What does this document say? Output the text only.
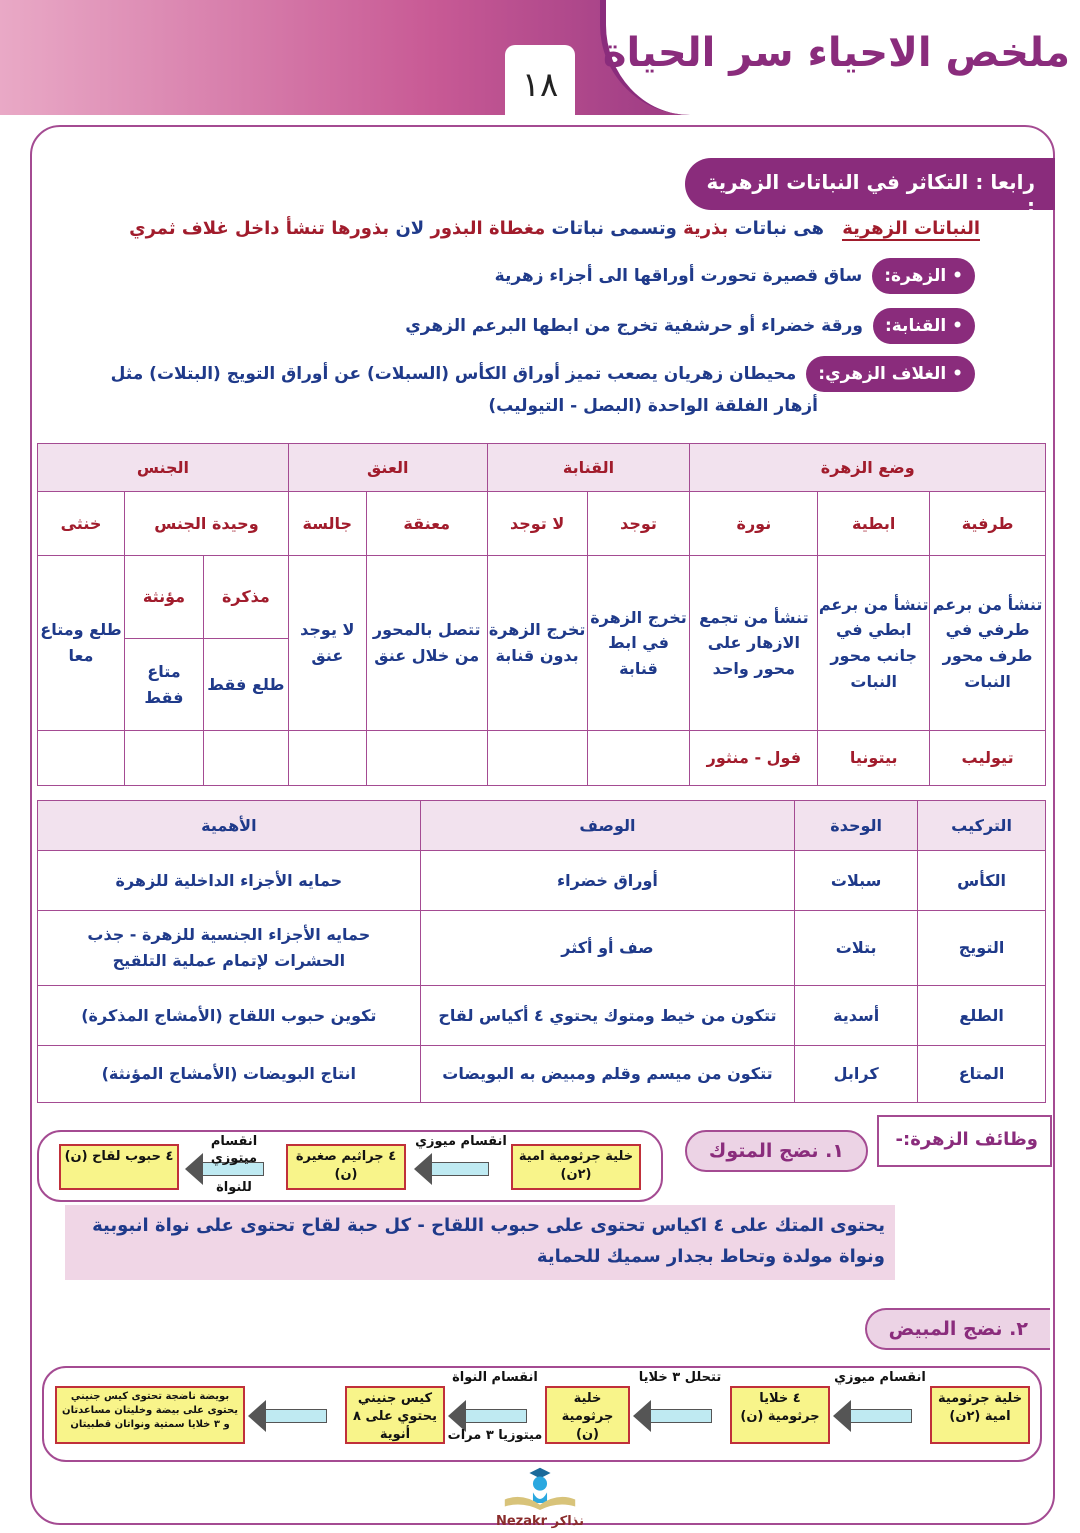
ملخص الاحياء سر الحياة
١٨
رابعا : التكاثر في النباتات الزهرية :
النباتات الزهرية هى نباتات بذرية وتسمى نباتات مغطاة البذور لان بذورها تنشأ داخل غلاف ثمري
• الزهرة:
ساق قصيرة تحورت أوراقها الى أجزاء زهرية
• القنابة:
ورقة خضراء أو حرشفية تخرج من ابطها البرعم الزهري
• الغلاف الزهري:
محيطان زهريان يصعب تميز أوراق الكأس (السبلات) عن أوراق التويج (البتلات) مثل
أزهار الفلقة الواحدة (البصل - التيوليب)
وضع الزهرة			القنابة		العنق		الجنس		
طرفية	ابطية	نورة	توجد	لا توجد	معنقة	جالسة	وحيدة الجنس		خنثى
تنشأ من برعم طرفي في طرف محور النبات	تنشأ من برعم ابطي في جانب محور النبات	تنشأ من تجمع الازهار على محور واحد	تخرج الزهرة في ابط قنابة	تخرج الزهرة بدون قنابة	تتصل بالمحور من خلال عنق	لا يوجد عنق	مذكرة	مؤنثة	طلع ومتاع معا
							طلع فقط	متاع فقط	
تيوليب	بيتونيا	فول - منثور							
التركيب	الوحدة	الوصف	الأهمية
الكأس	سبلات	أوراق خضراء	حمايه الأجزاء الداخلية للزهرة
التويج	بتلات	صف أو أكثر	حمايه الأجزاء الجنسية للزهرة - جذب الحشرات لإتمام عملية التلقيح
الطلع	أسدية	تتكون من خيط ومتوك يحتوي ٤ أكياس لقاح	تكوين حبوب اللقاح (الأمشاج المذكرة)
المتاع	كرابل	تتكون من ميسم وقلم ومبيض به البويضات	انتاج البويضات (الأمشاج المؤنثة)
وظائف الزهرة:-
١. نضج المتوك
خلية جرثومية امية (٢ن)
انقسام ميوزي
٤ جراثيم صغيرة (ن)
انقسام ميتوزي
للنواة
٤ حبوب لقاح (ن)
يحتوى المتك على ٤ اكياس تحتوى على حبوب اللقاح - كل حبة لقاح تحتوى على نواة انبوبية ونواة مولدة وتحاط بجدار سميك للحماية
٢. نضج المبيض
خلية جرثومية امية (٢ن)
انقسام ميوزي
٤ خلايا جرثومية (ن)
تتحلل ٣ خلايا
خلية جرثومية (ن)
انقسام النواة
ميتوزيا ٣ مرات
كيس جنيني يحتوي على ٨ أنوية
بويضة ناضجة تحتوى كيس جنيني يحتوى على بيضة وخليتان مساعدتان و ٣ خلايا سمتية ونواتان قطبيتان
Nezakr نذاكر
